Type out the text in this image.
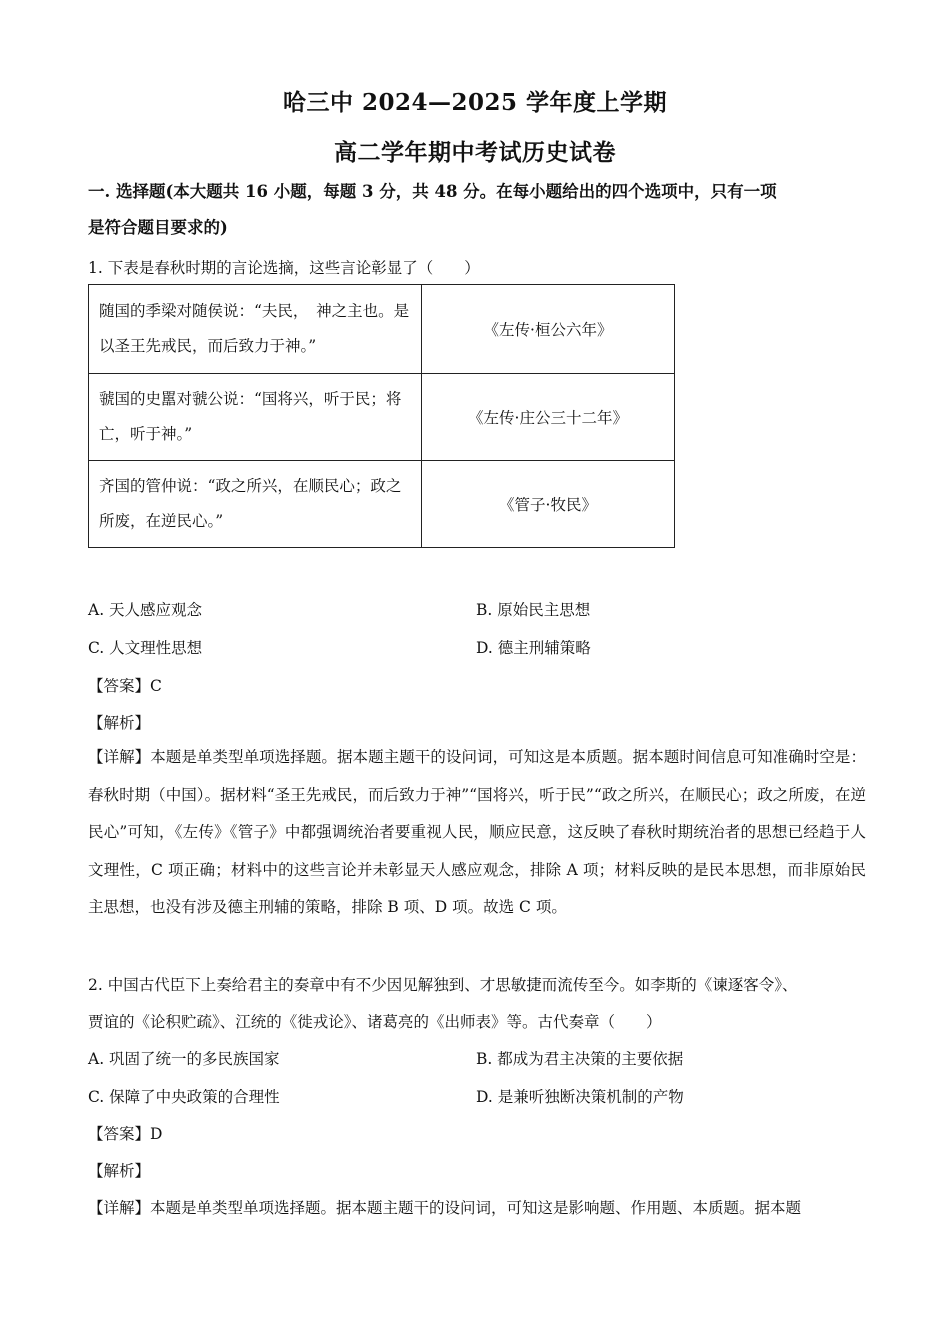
哈三中 2024—2025 学年度上学期
高二学年期中考试历史试卷
一. 选择题(本大题共 16 小题，每题 3 分，共 48 分。在每小题给出的四个选项中，只有一项
是符合题目要求的)
1. 下表是春秋时期的言论选摘，这些言论彰显了（　　）
随国的季梁对随侯说：“夫民，　神之主也。是以圣王先戒民，而后致力于神。”	《左传·桓公六年》
虢国的史嚚对虢公说：“国将兴，听于民；将亡，听于神。”	《左传·庄公三十二年》
齐国的管仲说：“政之所兴，在顺民心；政之所废，在逆民心。”	《管子·牧民》
A. 天人感应观念	B. 原始民主思想
C. 人文理性思想	D. 德主刑辅策略
【答案】C
【解析】
【详解】本题是单类型单项选择题。据本题主题干的设问词，可知这是本质题。据本题时间信息可知准确时空是：春秋时期（中国）。据材料“圣王先戒民，而后致力于神”“国将兴，听于民”“政之所兴，在顺民心；政之所废，在逆民心”可知，《左传》《管子》中都强调统治者要重视人民，顺应民意，这反映了春秋时期统治者的思想已经趋于人文理性，C 项正确；材料中的这些言论并未彰显天人感应观念，排除 A 项；材料反映的是民本思想，而非原始民主思想，也没有涉及德主刑辅的策略，排除 B 项、D 项。故选 C 项。
2. 中国古代臣下上奏给君主的奏章中有不少因见解独到、才思敏捷而流传至今。如李斯的《谏逐客令》、
贾谊的《论积贮疏》、江统的《徙戎论》、诸葛亮的《出师表》等。古代奏章（　　）
A. 巩固了统一的多民族国家	B. 都成为君主决策的主要依据
C. 保障了中央政策的合理性	D. 是兼听独断决策机制的产物
【答案】D
【解析】
【详解】本题是单类型单项选择题。据本题主题干的设问词，可知这是影响题、作用题、本质题。据本题
